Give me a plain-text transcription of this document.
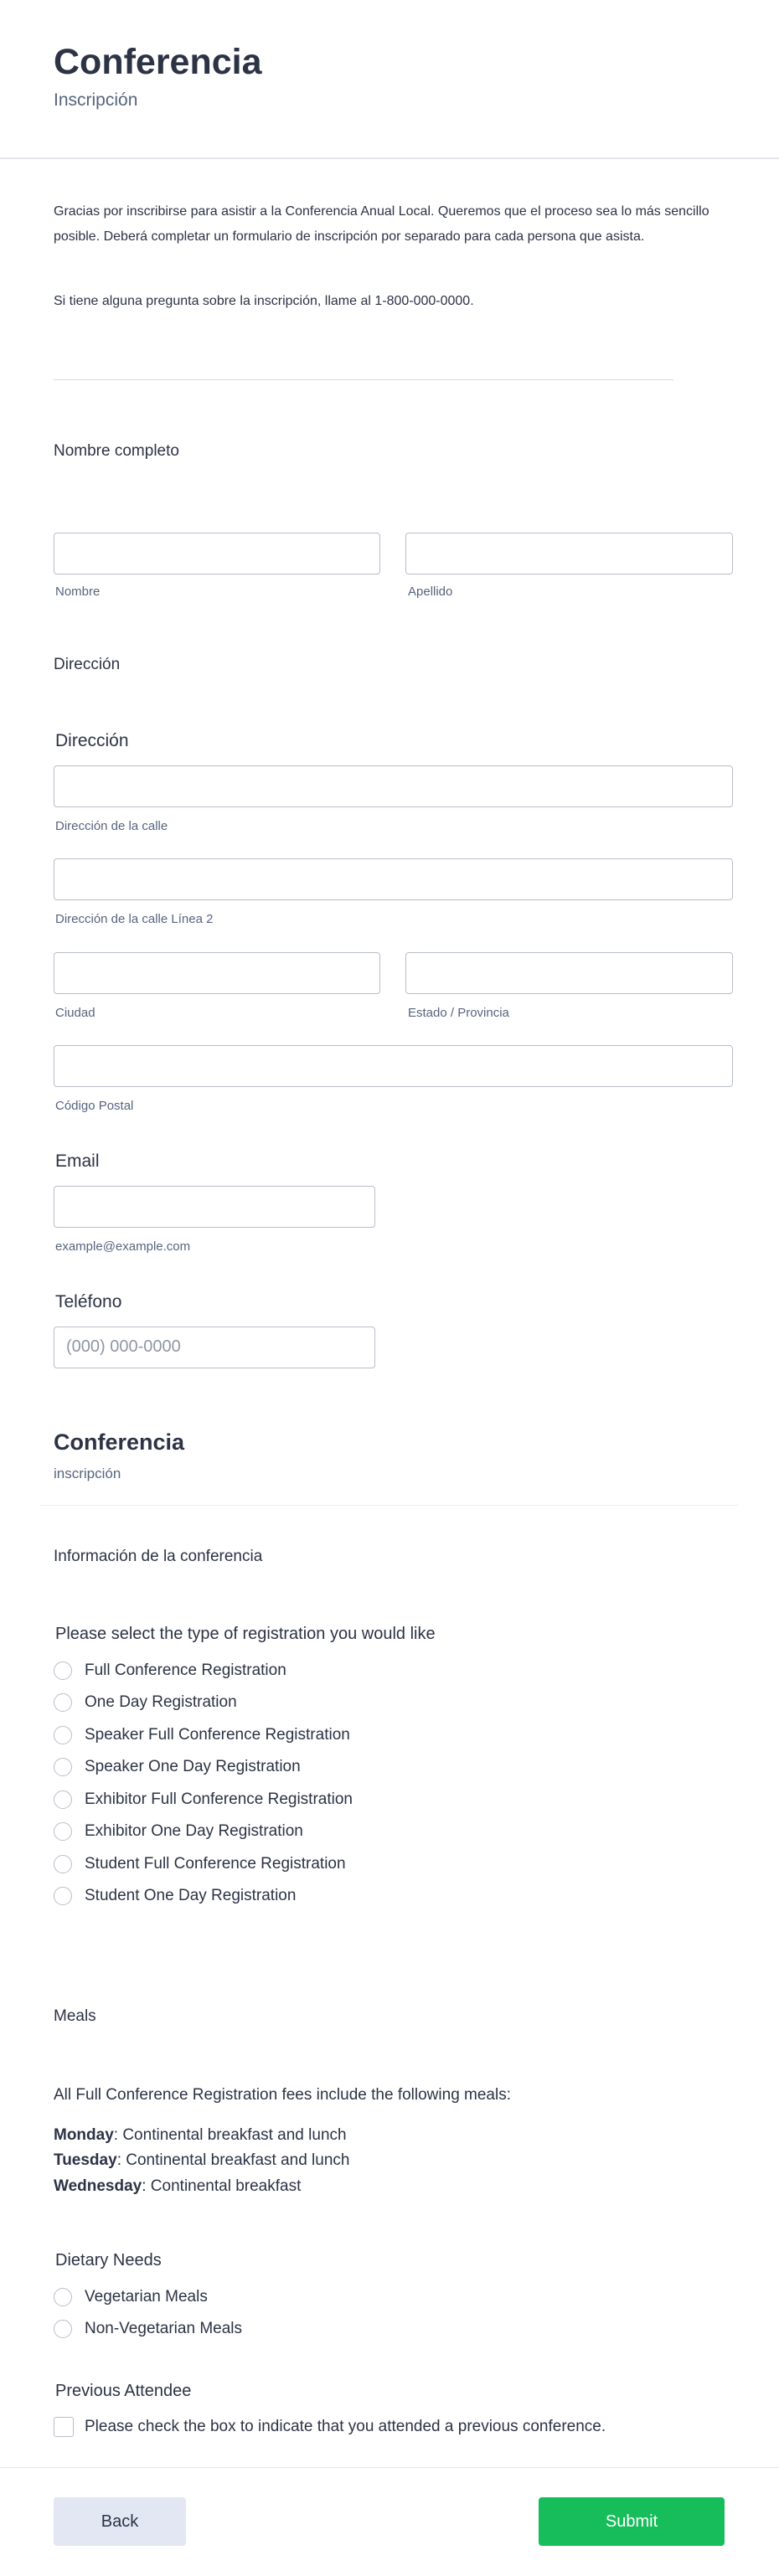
Conferencia
Inscripción
Gracias por inscribirse para asistir a la Conferencia Anual Local. Queremos que el proceso sea lo más sencillo posible. Deberá completar un formulario de inscripción por separado para cada persona que asista.
Si tiene alguna pregunta sobre la inscripción, llame al 1-800-000-0000.
Nombre completo
Nombre	Apellido
Dirección
Dirección
Dirección de la calle
Dirección de la calle Línea 2
Ciudad	Estado / Provincia
Código Postal
Email
example@example.com
Teléfono
(000) 000-0000
Conferencia
inscripción
Información de la conferencia
Please select the type of registration you would like
Full Conference Registration
One Day Registration
Speaker Full Conference Registration
Speaker One Day Registration
Exhibitor Full Conference Registration
Exhibitor One Day Registration
Student Full Conference Registration
Student One Day Registration
Meals
All Full Conference Registration fees include the following meals:
Monday: Continental breakfast and lunch
Tuesday: Continental breakfast and lunch
Wednesday: Continental breakfast
Dietary Needs
Vegetarian Meals
Non-Vegetarian Meals
Previous Attendee
Please check the box to indicate that you attended a previous conference.
Back	Submit
